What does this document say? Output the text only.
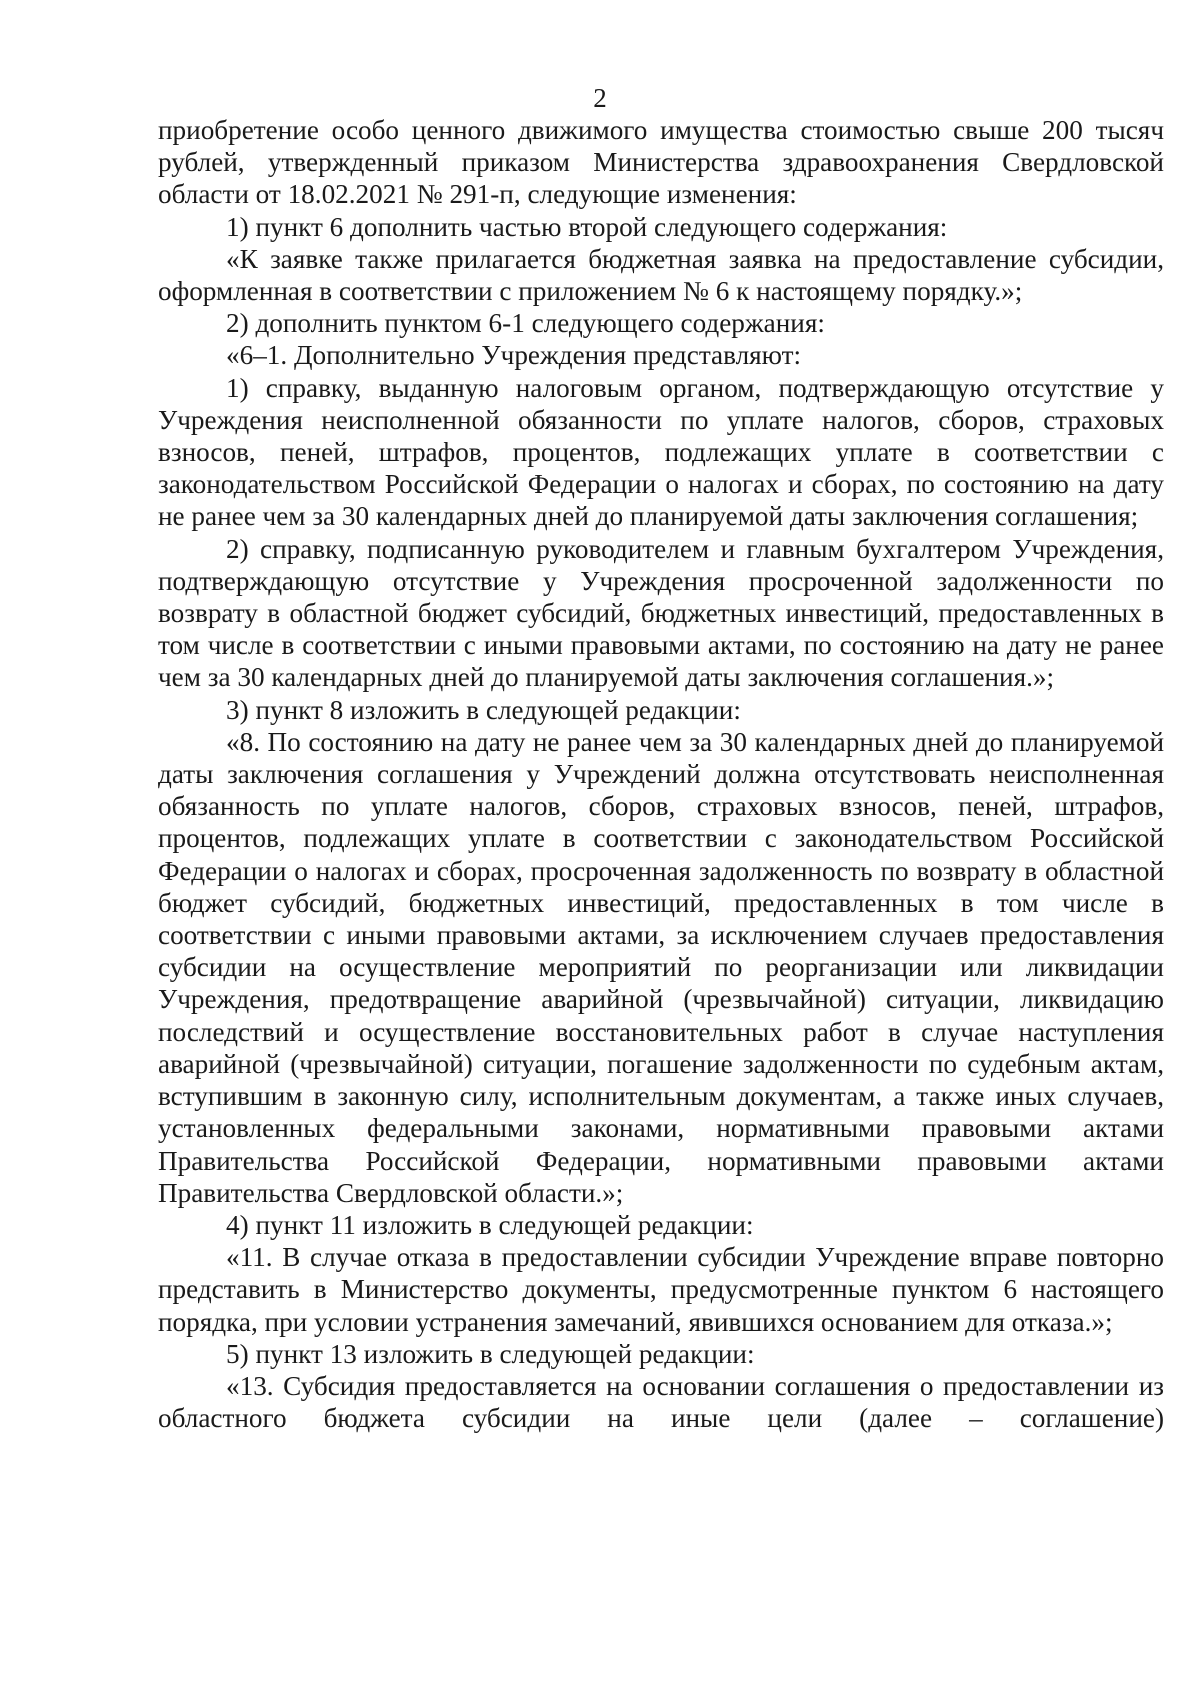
2

приобретение особо ценного движимого имущества стоимостью свыше 200 тысяч рублей, утвержденный приказом Министерства здравоохранения Свердловской области от 18.02.2021 № 291-п, следующие изменения:

1) пункт 6 дополнить частью второй следующего содержания:

«К заявке также прилагается бюджетная заявка на предоставление субсидии, оформленная в соответствии с приложением № 6 к настоящему порядку.»;

2) дополнить пунктом 6-1 следующего содержания:

«6–1. Дополнительно Учреждения представляют:

1) справку, выданную налоговым органом, подтверждающую отсутствие у Учреждения неисполненной обязанности по уплате налогов, сборов, страховых взносов, пеней, штрафов, процентов, подлежащих уплате в соответствии с законодательством Российской Федерации о налогах и сборах, по состоянию на дату не ранее чем за 30 календарных дней до планируемой даты заключения соглашения;

2) справку, подписанную руководителем и главным бухгалтером Учреждения, подтверждающую отсутствие у Учреждения просроченной задолженности по возврату в областной бюджет субсидий, бюджетных инвестиций, предоставленных в том числе в соответствии с иными правовыми актами, по состоянию на дату не ранее чем за 30 календарных дней до планируемой даты заключения соглашения.»;

3) пункт 8 изложить в следующей редакции:

«8. По состоянию на дату не ранее чем за 30 календарных дней до планируемой даты заключения соглашения у Учреждений должна отсутствовать неисполненная обязанность по уплате налогов, сборов, страховых взносов, пеней, штрафов, процентов, подлежащих уплате в соответствии с законодательством Российской Федерации о налогах и сборах, просроченная задолженность по возврату в областной бюджет субсидий, бюджетных инвестиций, предоставленных в том числе в соответствии с иными правовыми актами, за исключением случаев предоставления субсидии на осуществление мероприятий по реорганизации или ликвидации Учреждения, предотвращение аварийной (чрезвычайной) ситуации, ликвидацию последствий и осуществление восстановительных работ в случае наступления аварийной (чрезвычайной) ситуации, погашение задолженности по судебным актам, вступившим в законную силу, исполнительным документам, а также иных случаев, установленных федеральными законами, нормативными правовыми актами Правительства Российской Федерации, нормативными правовыми актами Правительства Свердловской области.»;

4) пункт 11 изложить в следующей редакции:

«11. В случае отказа в предоставлении субсидии Учреждение вправе повторно представить в Министерство документы, предусмотренные пунктом 6 настоящего порядка, при условии устранения замечаний, явившихся основанием для отказа.»;

5) пункт 13 изложить в следующей редакции:

«13. Субсидия предоставляется на основании соглашения о предоставлении из областного бюджета субсидии на иные цели (далее – соглашение)
